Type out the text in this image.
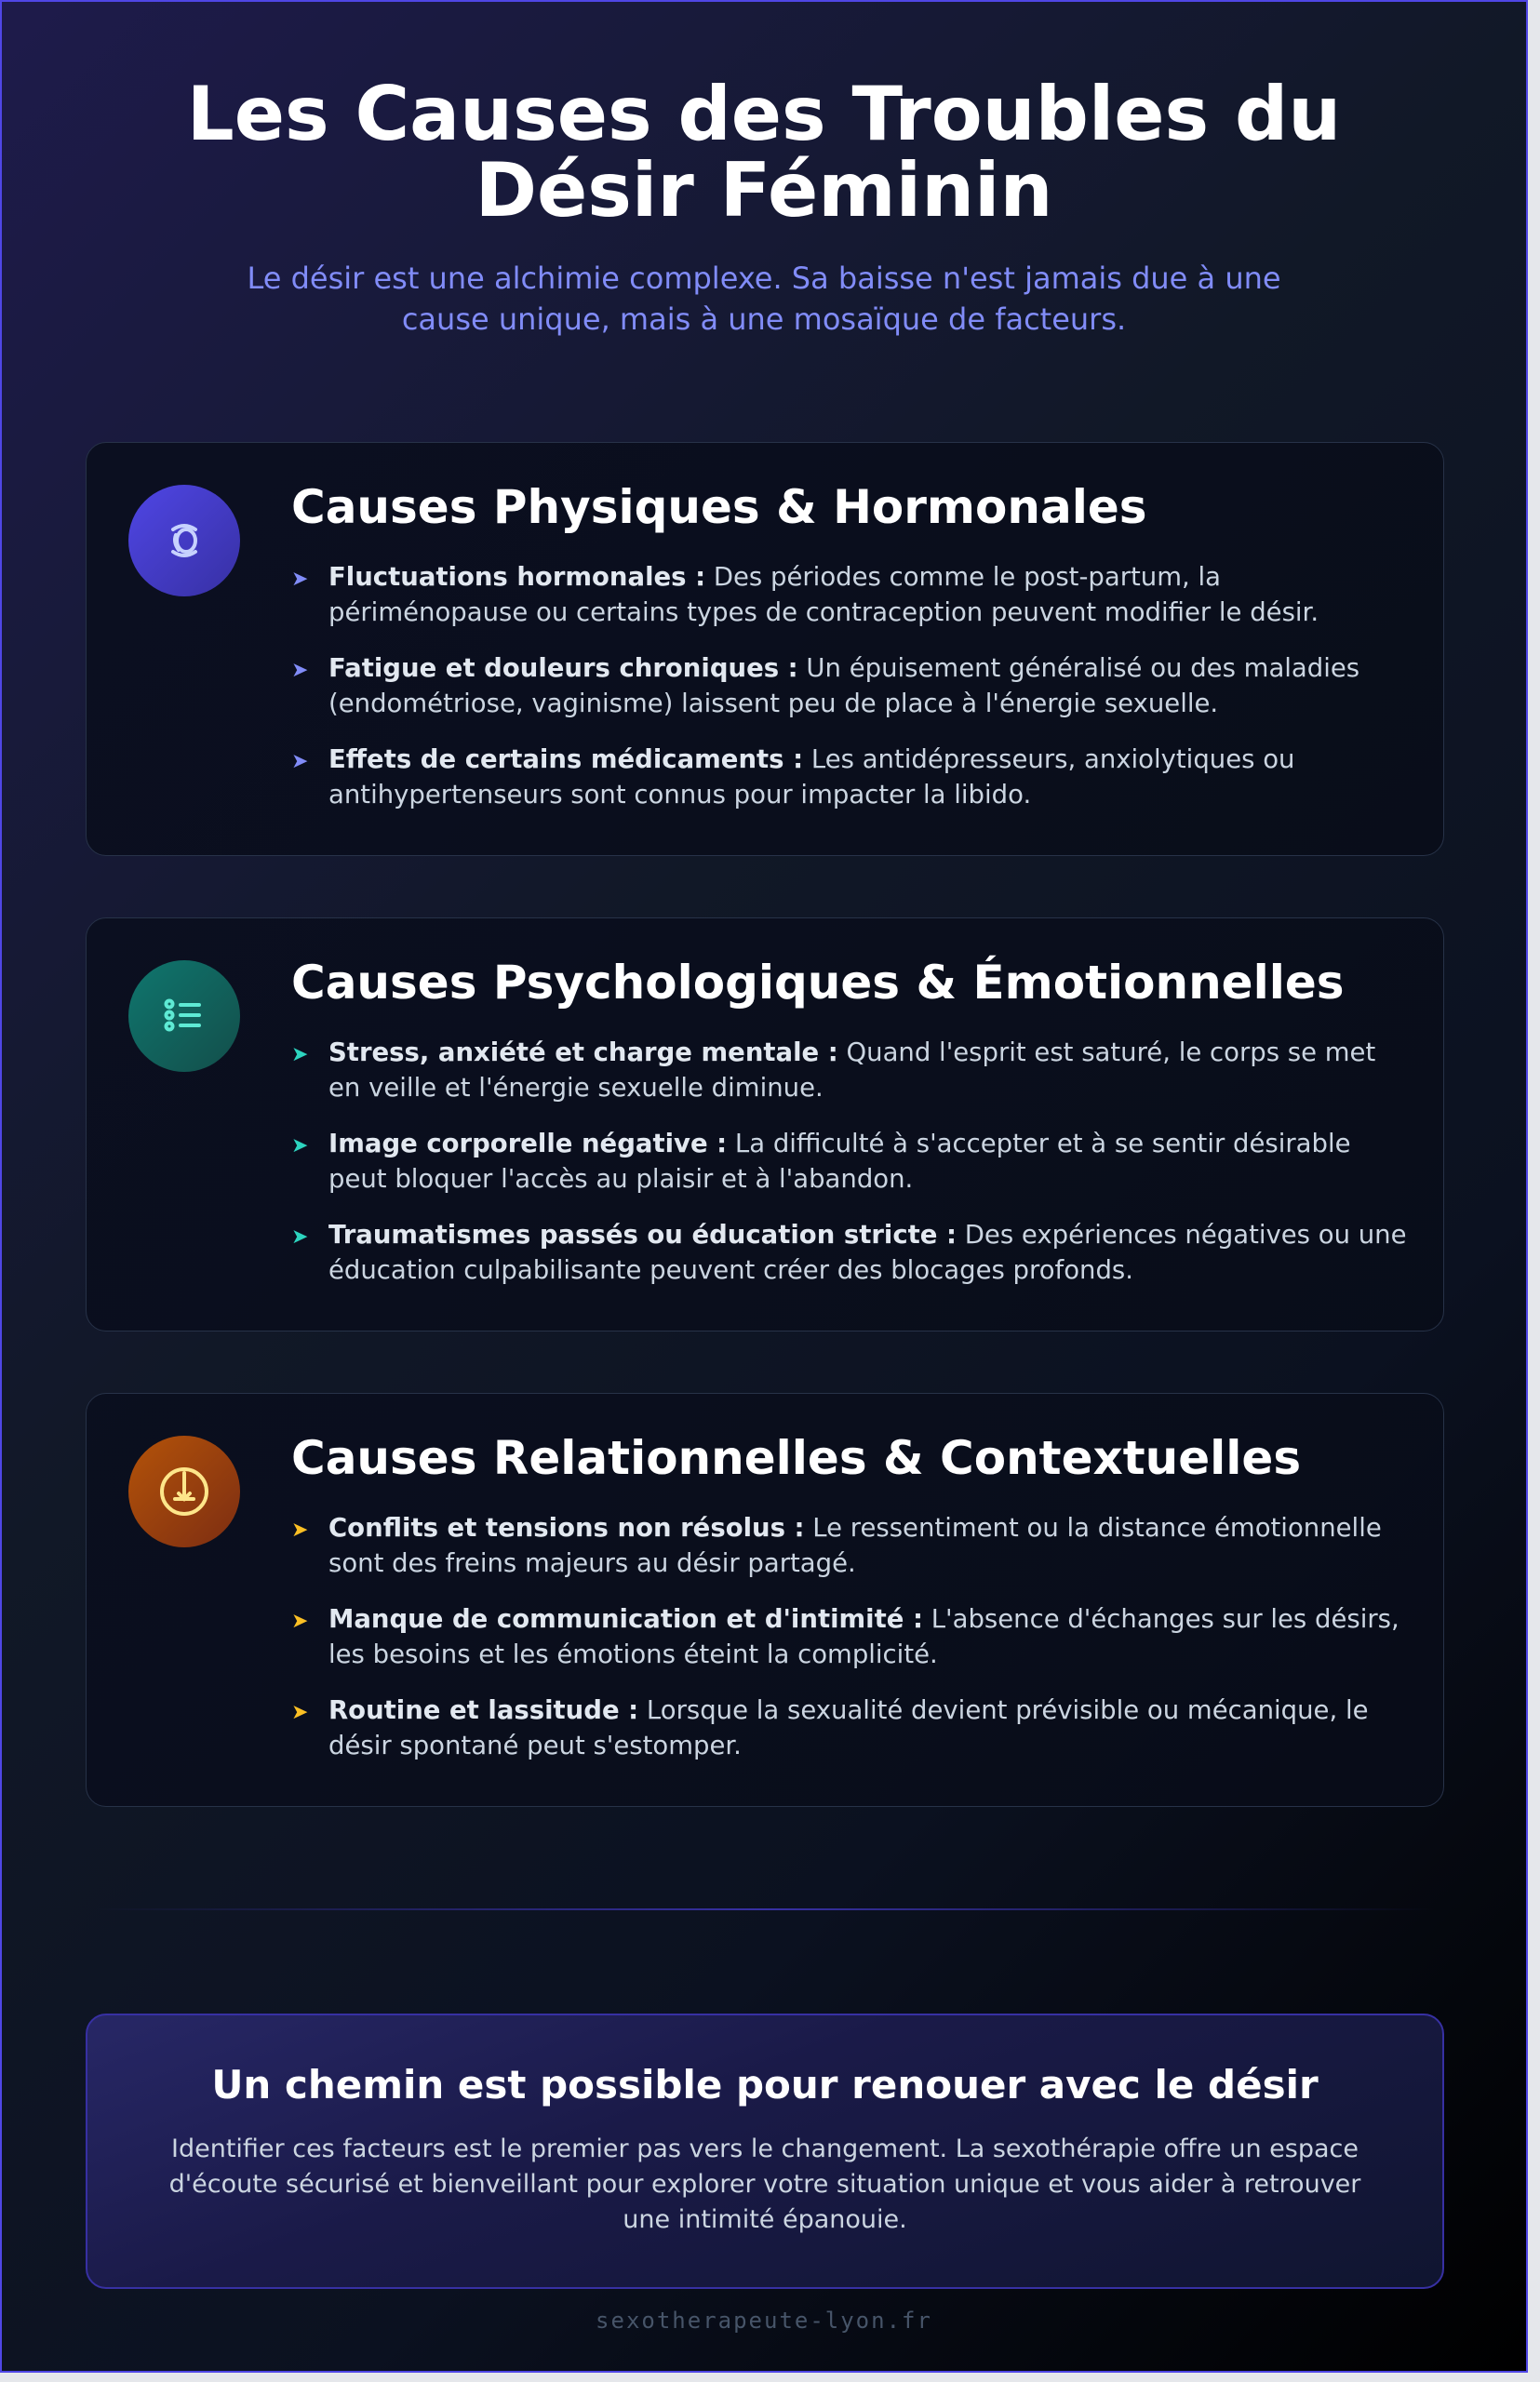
Les Causes des Troubles du
Désir Féminin
Le désir est une alchimie complexe. Sa baisse n'est jamais due à une
cause unique, mais à une mosaïque de facteurs.
Causes Physiques & Hormonales
➤ Fluctuations hormonales : Des périodes comme le post-partum, la périménopause ou certains types de contraception peuvent modifier le désir.
➤ Fatigue et douleurs chroniques : Un épuisement généralisé ou des maladies (endométriose, vaginisme) laissent peu de place à l'énergie sexuelle.
➤ Effets de certains médicaments : Les antidépresseurs, anxiolytiques ou antihypertenseurs sont connus pour impacter la libido.
Causes Psychologiques & Émotionnelles
➤ Stress, anxiété et charge mentale : Quand l'esprit est saturé, le corps se met en veille et l'énergie sexuelle diminue.
➤ Image corporelle négative : La difficulté à s'accepter et à se sentir désirable peut bloquer l'accès au plaisir et à l'abandon.
➤ Traumatismes passés ou éducation stricte : Des expériences négatives ou une éducation culpabilisante peuvent créer des blocages profonds.
Causes Relationnelles & Contextuelles
➤ Conflits et tensions non résolus : Le ressentiment ou la distance émotionnelle sont des freins majeurs au désir partagé.
➤ Manque de communication et d'intimité : L'absence d'échanges sur les désirs, les besoins et les émotions éteint la complicité.
➤ Routine et lassitude : Lorsque la sexualité devient prévisible ou mécanique, le désir spontané peut s'estomper.
Un chemin est possible pour renouer avec le désir

Identifier ces facteurs est le premier pas vers le changement. La sexothérapie offre un espace d'écoute sécurisé et bienveillant pour explorer votre situation unique et vous aider à retrouver une intimité épanouie.

sexotherapeute-lyon.fr
